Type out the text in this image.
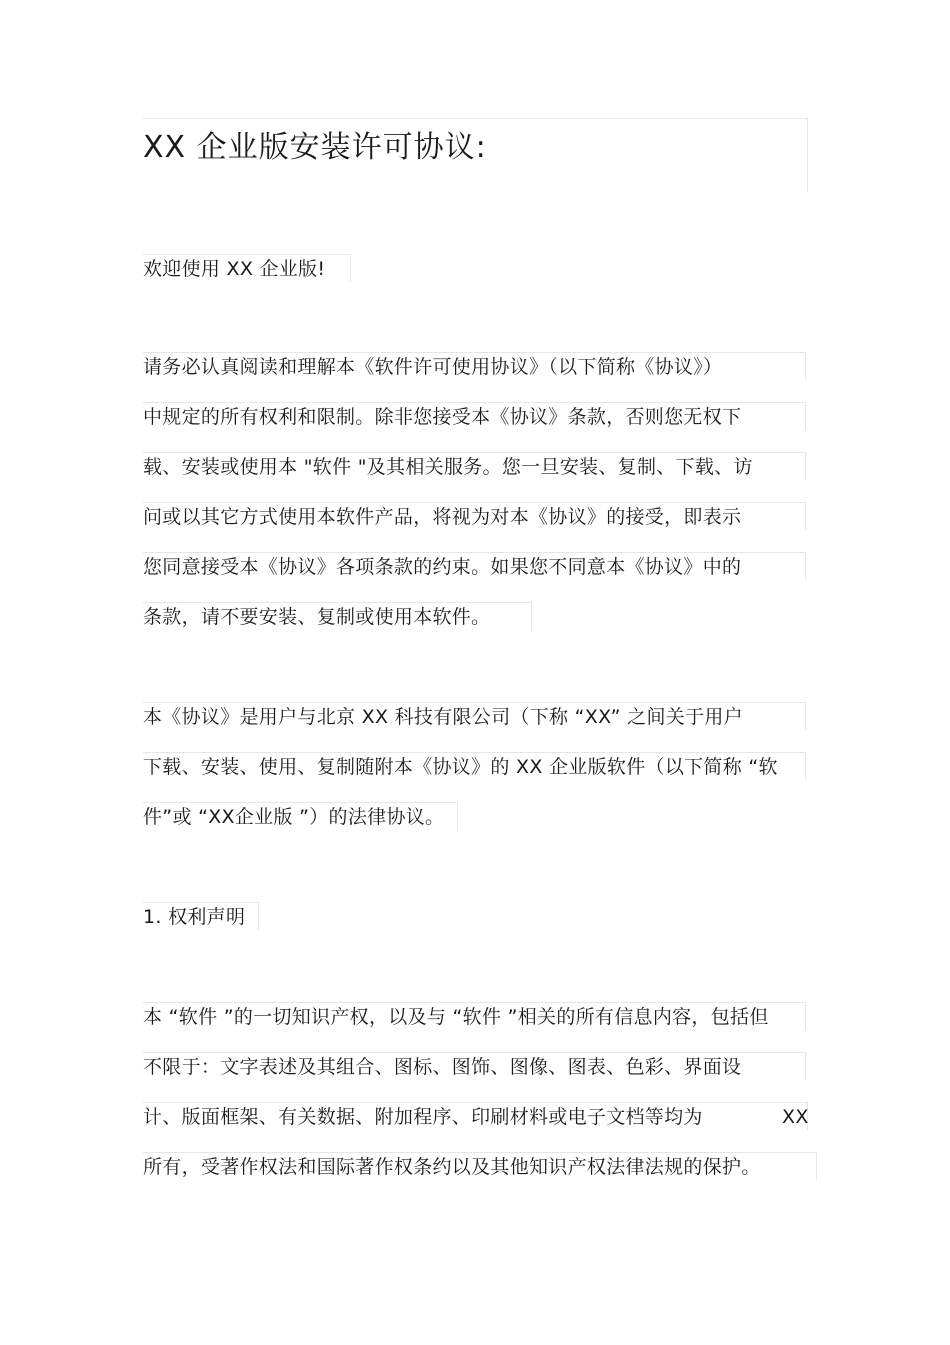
XX 企业版安装许可协议:
欢迎使用 XX 企业版!
请务必认真阅读和理解本《软件许可使用协议》（以下简称《协议》）
中规定的所有权利和限制。除非您接受本《协议》条款，否则您无权下
载、安装或使用本 "软件 "及其相关服务。您一旦安装、复制、下载、访
问或以其它方式使用本软件产品，将视为对本《协议》的接受，即表示
您同意接受本《协议》各项条款的约束。如果您不同意本《协议》中的
条款，请不要安装、复制或使用本软件。
本《协议》是用户与北京 XX 科技有限公司（下称 “XX” 之间关于用户
下载、安装、使用、复制随附本《协议》的 XX 企业版软件（以下简称 “软
件”或 “XX企业版 ”）的法律协议。
1. 权利声明
本 “软件 ”的一切知识产权，以及与 “软件 ”相关的所有信息内容，包括但
不限于：文字表述及其组合、图标、图饰、图像、图表、色彩、界面设
计、版面框架、有关数据、附加程序、印刷材料或电子文档等均为	XX
所有，受著作权法和国际著作权条约以及其他知识产权法律法规的保护。
